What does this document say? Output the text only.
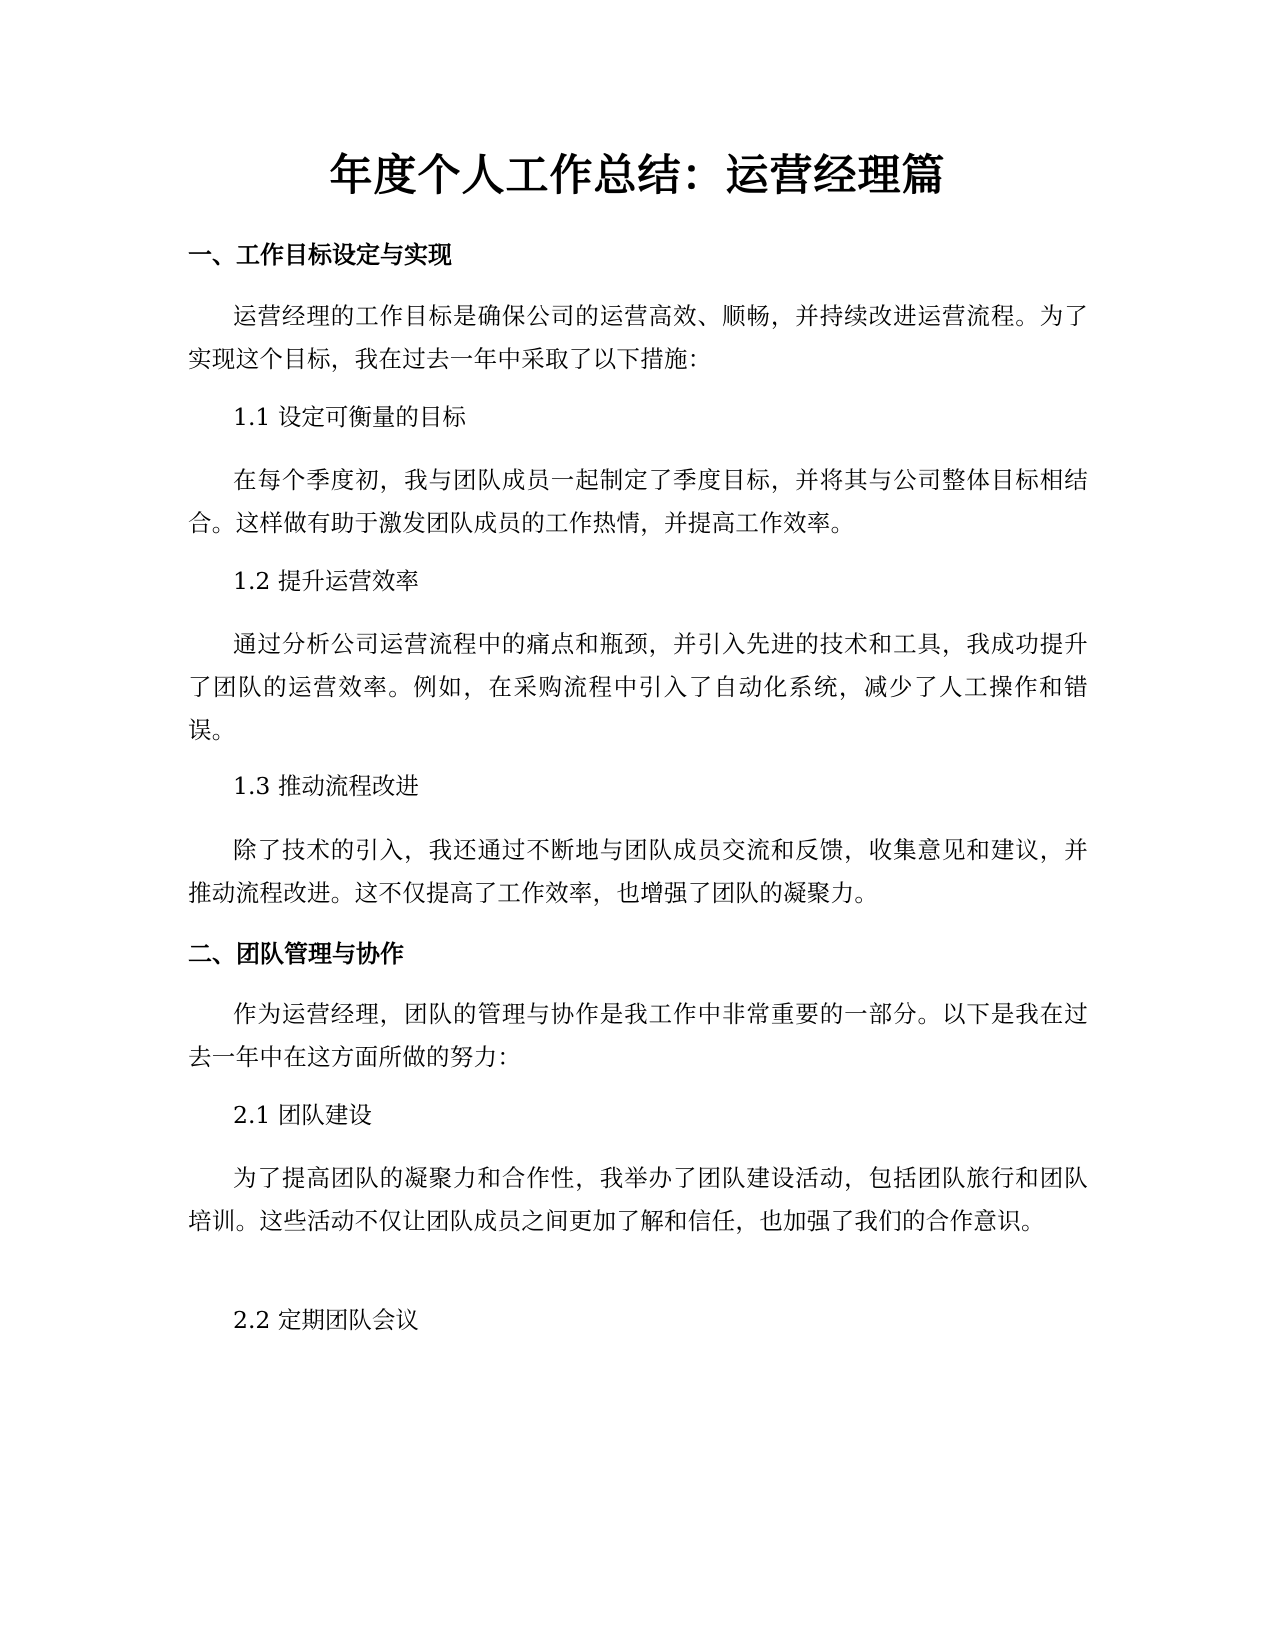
年度个人工作总结：运营经理篇
一、工作目标设定与实现

运营经理的工作目标是确保公司的运营高效、顺畅，并持续改进运营流程。为了实现这个目标，我在过去一年中采取了以下措施：

1.1 设定可衡量的目标

在每个季度初，我与团队成员一起制定了季度目标，并将其与公司整体目标相结合。这样做有助于激发团队成员的工作热情，并提高工作效率。

1.2 提升运营效率

通过分析公司运营流程中的痛点和瓶颈，并引入先进的技术和工具，我成功提升了团队的运营效率。例如，在采购流程中引入了自动化系统，减少了人工操作和错误。

1.3 推动流程改进

除了技术的引入，我还通过不断地与团队成员交流和反馈，收集意见和建议，并推动流程改进。这不仅提高了工作效率，也增强了团队的凝聚力。

二、团队管理与协作

作为运营经理，团队的管理与协作是我工作中非常重要的一部分。以下是我在过去一年中在这方面所做的努力：

2.1 团队建设

为了提高团队的凝聚力和合作性，我举办了团队建设活动，包括团队旅行和团队培训。这些活动不仅让团队成员之间更加了解和信任，也加强了我们的合作意识。

2.2 定期团队会议
